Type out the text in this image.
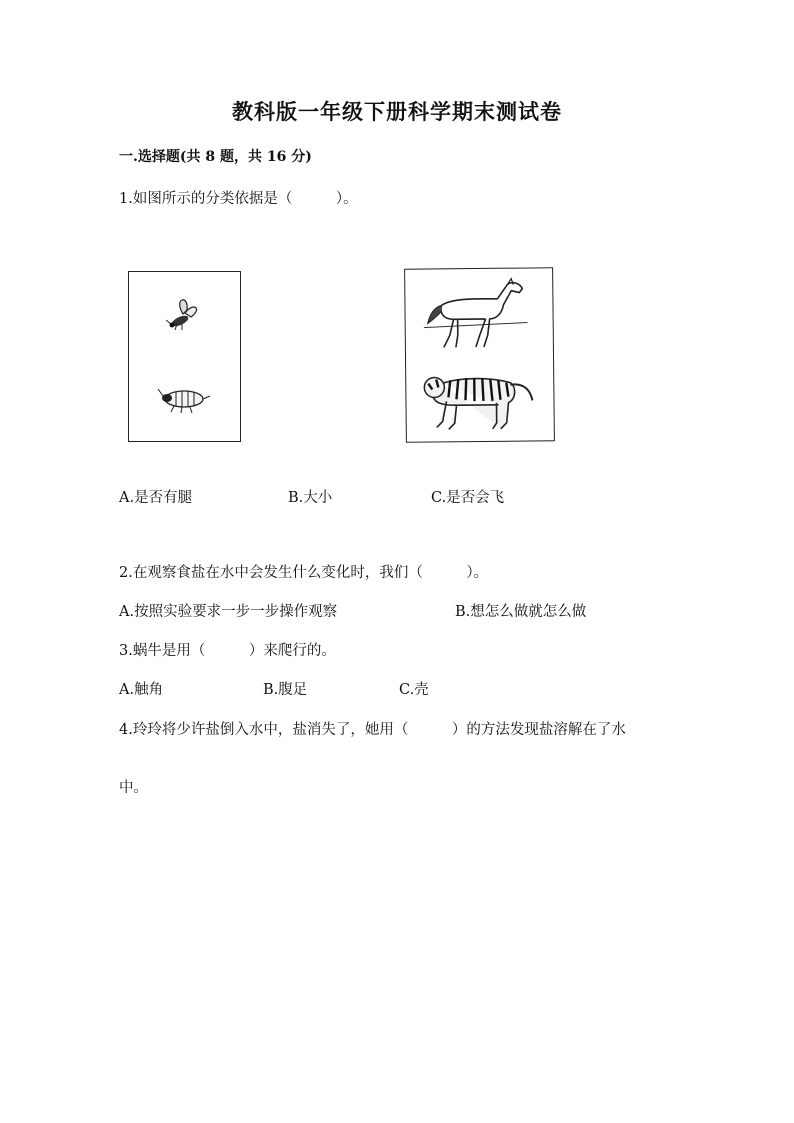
教科版一年级下册科学期末测试卷
一.选择题(共 8 题，共 16 分)
1.如图所示的分类依据是（　　　）。
A.是否有腿	B.大小	C.是否会飞
2.在观察食盐在水中会发生什么变化时，我们（　　　）。
A.按照实验要求一步一步操作观察	B.想怎么做就怎么做
3.蜗牛是用（　　　）来爬行的。
A.触角	B.腹足	C.壳
4.玲玲将少许盐倒入水中，盐消失了，她用（　　　）的方法发现盐溶解在了水
中。
